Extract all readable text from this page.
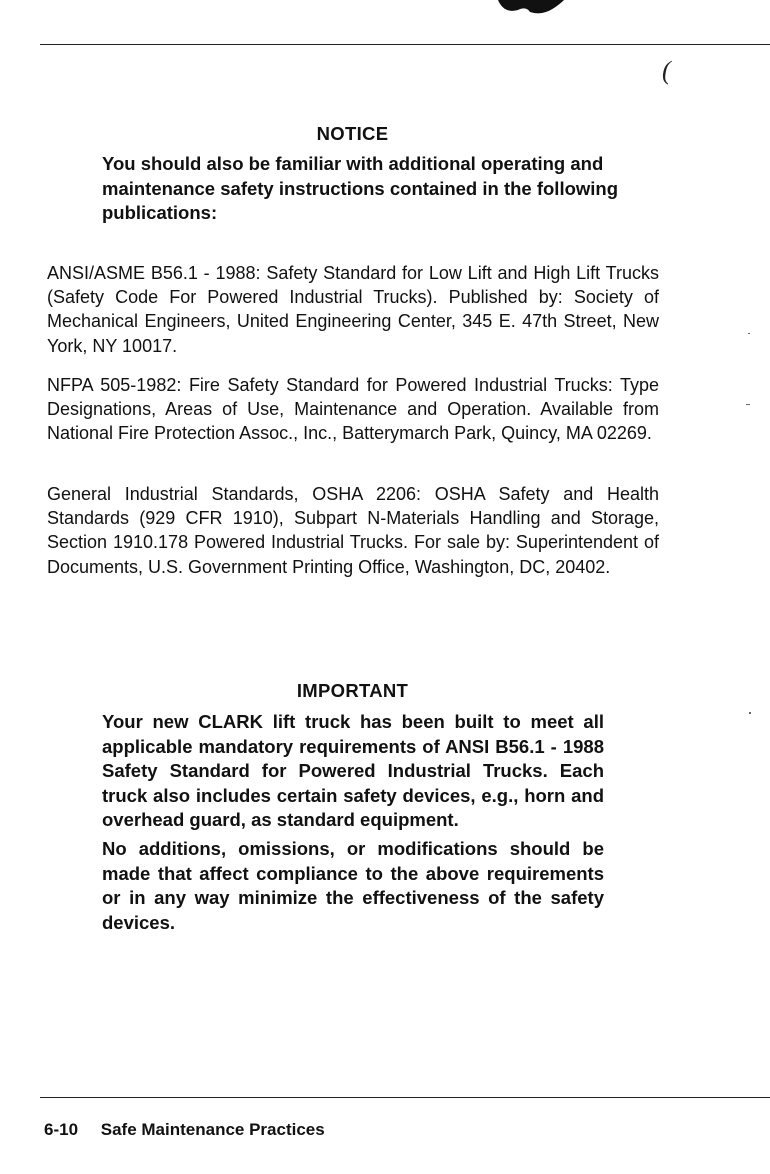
(
NOTICE
You should also be familiar with additional operating and maintenance safety instructions contained in the following publications:

ANSI/ASME B56.1 - 1988: Safety Standard for Low Lift and High Lift Trucks (Safety Code For Powered Industrial Trucks). Published by: Society of Mechanical Engineers, United Engineering Center, 345 E. 47th Street, New York, NY 10017.

NFPA 505-1982: Fire Safety Standard for Powered Industrial Trucks: Type Designations, Areas of Use, Maintenance and Operation. Available from National Fire Protection Assoc., Inc., Batterymarch Park, Quincy, MA 02269.

General Industrial Standards, OSHA 2206: OSHA Safety and Health Standards (929 CFR 1910), Subpart N-Materials Handling and Storage, Section 1910.178 Powered Industrial Trucks. For sale by: Superintendent of Documents, U.S. Government Printing Office, Washington, DC, 20402.

IMPORTANT

Your new CLARK lift truck has been built to meet all applicable mandatory requirements of ANSI B56.1 - 1988 Safety Standard for Powered Industrial Trucks. Each truck also includes certain safety devices, e.g., horn and overhead guard, as standard equipment.

No additions, omissions, or modifications should be made that affect compliance to the above requirements or in any way minimize the effectiveness of the safety devices.

6-10 Safe Maintenance Practices
